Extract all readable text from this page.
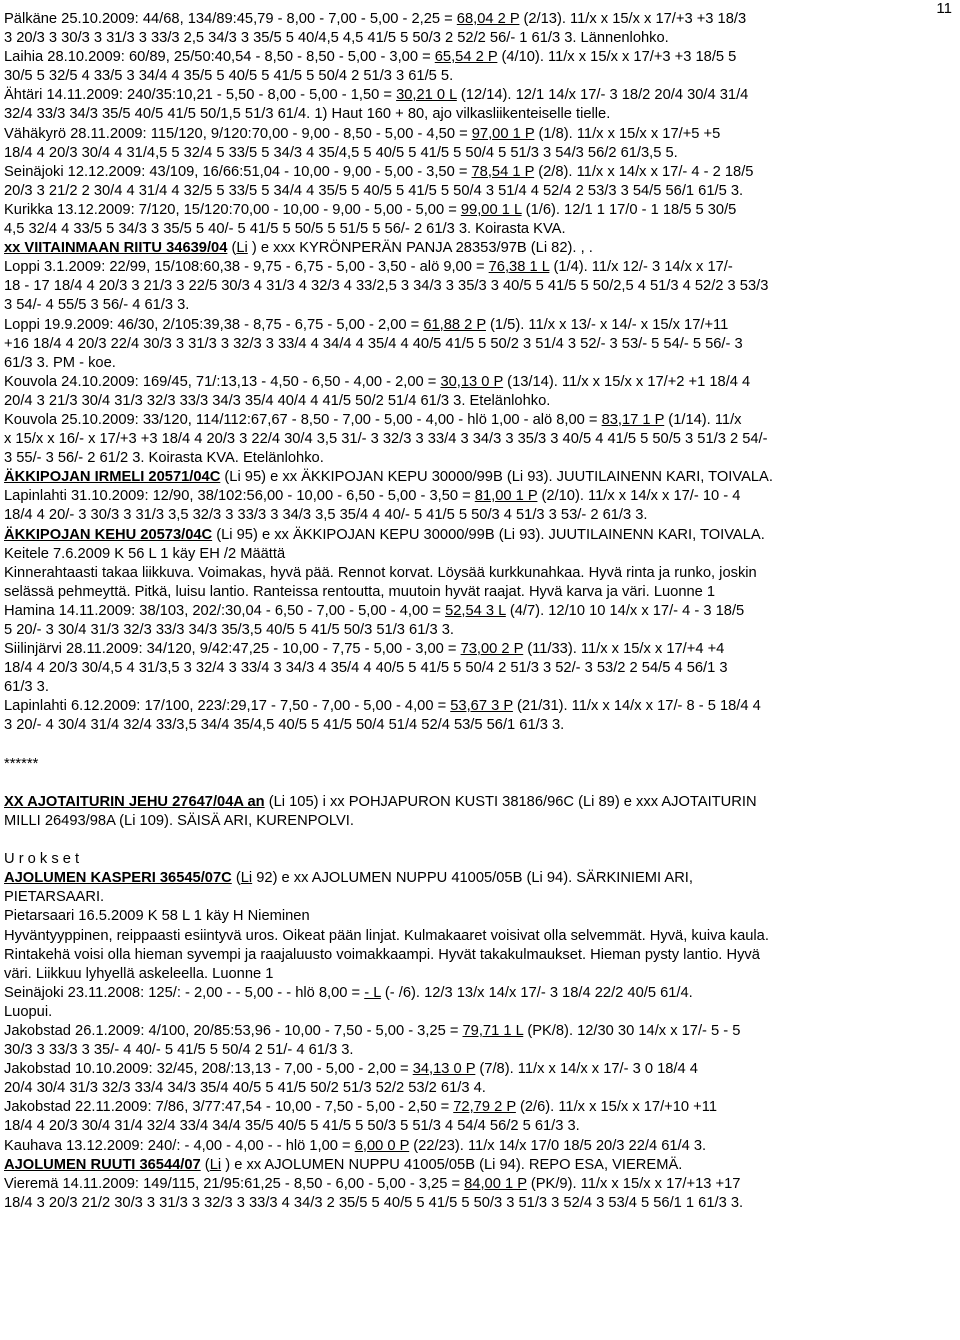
11
Pälkäne 25.10.2009: 44/68, 134/89:45,79 - 8,00 - 7,00 - 5,00 - 2,25 = 68,04 2 P (2/13). 11/x x 15/x x 17/+3 +3 18/3
3 20/3 3 30/3 3 31/3 3 33/3 2,5 34/3 3 35/5 5 40/4,5 4,5 41/5 5 50/3 2 52/2 56/- 1 61/3 3. Lännenlohko.
Laihia 28.10.2009: 60/89, 25/50:40,54 - 8,50 - 8,50 - 5,00 - 3,00 = 65,54 2 P (4/10). 11/x x 15/x x 17/+3 +3 18/5 5
30/5 5 32/5 4 33/5 3 34/4 4 35/5 5 40/5 5 41/5 5 50/4 2 51/3 3 61/5 5.
Ähtäri 14.11.2009: 240/35:10,21 - 5,50 - 8,00 - 5,00 - 1,50 = 30,21 0 L (12/14). 12/1 14/x 17/- 3 18/2 20/4 30/4 31/4
32/4 33/3 34/3 35/5 40/5 41/5 50/1,5 51/3 61/4. 1) Haut 160 + 80, ajo vilkasliikenteiselle tielle.
Vähäkyrö 28.11.2009: 115/120, 9/120:70,00 - 9,00 - 8,50 - 5,00 - 4,50 = 97,00 1 P (1/8). 11/x x 15/x x 17/+5 +5
18/4 4 20/3 30/4 4 31/4,5 5 32/4 5 33/5 5 34/3 4 35/4,5 5 40/5 5 41/5 5 50/4 5 51/3 3 54/3 56/2 61/3,5 5.
Seinäjoki 12.12.2009: 43/109, 16/66:51,04 - 10,00 - 9,00 - 5,00 - 3,50 = 78,54 1 P (2/8). 11/x x 14/x x 17/- 4 - 2 18/5
20/3 3 21/2 2 30/4 4 31/4 4 32/5 5 33/5 5 34/4 4 35/5 5 40/5 5 41/5 5 50/4 3 51/4 4 52/4 2 53/3 3 54/5 56/1 61/5 3.
Kurikka 13.12.2009: 7/120, 15/120:70,00 - 10,00 - 9,00 - 5,00 - 5,00 = 99,00 1 L (1/6). 12/1 1 17/0 - 1 18/5 5 30/5
4,5 32/4 4 33/5 5 34/3 3 35/5 5 40/- 5 41/5 5 50/5 5 51/5 5 56/- 2 61/3 3. Koirasta KVA.
xx VIITAINMAAN RIITU 34639/04 (Li ) e xxx KYRÖNPERÄN PANJA 28353/97B (Li 82). , .
Loppi 3.1.2009: 22/99, 15/108:60,38 - 9,75 - 6,75 - 5,00 - 3,50 - alö 9,00 = 76,38 1 L (1/4). 11/x 12/- 3 14/x x 17/-
18 - 17 18/4 4 20/3 3 21/3 3 22/5 30/3 4 31/3 4 32/3 4 33/2,5 3 34/3 3 35/3 3 40/5 5 41/5 5 50/2,5 4 51/3 4 52/2 3 53/3
3 54/- 4 55/5 3 56/- 4 61/3 3.
Loppi 19.9.2009: 46/30, 2/105:39,38 - 8,75 - 6,75 - 5,00 - 2,00 = 61,88 2 P (1/5). 11/x x 13/- x 14/- x 15/x 17/+11
+16 18/4 4 20/3 22/4 30/3 3 31/3 3 32/3 3 33/4 4 34/4 4 35/4 4 40/5 41/5 5 50/2 3 51/4 3 52/- 3 53/- 5 54/- 5 56/- 3
61/3 3. PM - koe.
Kouvola 24.10.2009: 169/45, 71/:13,13 - 4,50 - 6,50 - 4,00 - 2,00 = 30,13 0 P (13/14). 11/x x 15/x x 17/+2 +1 18/4 4
20/4 3 21/3 30/4 31/3 32/3 33/3 34/3 35/4 40/4 4 41/5 50/2 51/4 61/3 3. Etelänlohko.
Kouvola 25.10.2009: 33/120, 114/112:67,67 - 8,50 - 7,00 - 5,00 - 4,00 - hlö 1,00 - alö 8,00 = 83,17 1 P (1/14). 11/x
x 15/x x 16/- x 17/+3 +3 18/4 4 20/3 3 22/4 30/4 3,5 31/- 3 32/3 3 33/4 3 34/3 3 35/3 3 40/5 4 41/5 5 50/5 3 51/3 2 54/-
3 55/- 3 56/- 2 61/2 3. Koirasta KVA. Etelänlohko.
ÄKKIPOJAN IRMELI 20571/04C (Li 95) e xx ÄKKIPOJAN KEPU 30000/99B (Li 93). JUUTILAINENN KARI, TOIVALA.
Lapinlahti 31.10.2009: 12/90, 38/102:56,00 - 10,00 - 6,50 - 5,00 - 3,50 = 81,00 1 P (2/10). 11/x x 14/x x 17/- 10 - 4
18/4 4 20/- 3 30/3 3 31/3 3,5 32/3 3 33/3 3 34/3 3,5 35/4 4 40/- 5 41/5 5 50/3 4 51/3 3 53/- 2 61/3 3.
ÄKKIPOJAN KEHU 20573/04C (Li 95) e xx ÄKKIPOJAN KEPU 30000/99B (Li 93). JUUTILAINENN KARI, TOIVALA.
Keitele 7.6.2009 K 56 L 1 käy EH /2 Määttä
Kinnerahtaasti takaa liikkuva. Voimakas, hyvä pää. Rennot korvat. Löysää kurkkunahkaa. Hyvä rinta ja runko, joskin
selässä pehmeyttä. Pitkä, luisu lantio. Ranteissa rentoutta, muutoin hyvät raajat. Hyvä karva ja väri. Luonne 1
Hamina 14.11.2009: 38/103, 202/:30,04 - 6,50 - 7,00 - 5,00 - 4,00 = 52,54 3 L (4/7). 12/10 10 14/x x 17/- 4 - 3 18/5
5 20/- 3 30/4 31/3 32/3 33/3 34/3 35/3,5 40/5 5 41/5 50/3 51/3 61/3 3.
Siilinjärvi 28.11.2009: 34/120, 9/42:47,25 - 10,00 - 7,75 - 5,00 - 3,00 = 73,00 2 P (11/33). 11/x x 15/x x 17/+4 +4
18/4 4 20/3 30/4,5 4 31/3,5 3 32/4 3 33/4 3 34/3 4 35/4 4 40/5 5 41/5 5 50/4 2 51/3 3 52/- 3 53/2 2 54/5 4 56/1 3
61/3 3.
Lapinlahti 6.12.2009: 17/100, 223/:29,17 - 7,50 - 7,00 - 5,00 - 4,00 = 53,67 3 P (21/31). 11/x x 14/x x 17/- 8 - 5 18/4 4
3 20/- 4 30/4 31/4 32/4 33/3,5 34/4 35/4,5 40/5 5 41/5 50/4 51/4 52/4 53/5 56/1 61/3 3.
******
XX AJOTAITURIN JEHU 27647/04A an (Li 105) i xx POHJAPURON KUSTI 38186/96C (Li 89) e xxx AJOTAITURIN
MILLI 26493/98A (Li 109). SÄISÄ ARI, KURENPOLVI.
U r o k s e t
AJOLUMEN KASPERI 36545/07C (Li 92) e xx AJOLUMEN NUPPU 41005/05B (Li 94). SÄRKINIEMI ARI,
PIETARSAARI.
Pietarsaari 16.5.2009 K 58 L 1 käy H Nieminen
Hyväntyyppinen, reippaasti esiintyvä uros. Oikeat pään linjat. Kulmakaaret voisivat olla selvemmät. Hyvä, kuiva kaula.
Rintakehä voisi olla hieman syvempi ja raajaluusto voimakkaampi. Hyvät takakulmaukset. Hieman pysty lantio. Hyvä
väri. Liikkuu lyhyellä askeleella. Luonne 1
Seinäjoki 23.11.2008: 125/: - 2,00 - - 5,00 - - hlö 8,00 = - L (- /6). 12/3 13/x 14/x 17/- 3 18/4 22/2 40/5 61/4.
Luopui.
Jakobstad 26.1.2009: 4/100, 20/85:53,96 - 10,00 - 7,50 - 5,00 - 3,25 = 79,71 1 L (PK/8). 12/30 30 14/x x 17/- 5 - 5
30/3 3 33/3 3 35/- 4 40/- 5 41/5 5 50/4 2 51/- 4 61/3 3.
Jakobstad 10.10.2009: 32/45, 208/:13,13 - 7,00 - 5,00 - 2,00 = 34,13 0 P (7/8). 11/x x 14/x x 17/- 3 0 18/4 4
20/4 30/4 31/3 32/3 33/4 34/3 35/4 40/5 5 41/5 50/2 51/3 52/2 53/2 61/3 4.
Jakobstad 22.11.2009: 7/86, 3/77:47,54 - 10,00 - 7,50 - 5,00 - 2,50 = 72,79 2 P (2/6). 11/x x 15/x x 17/+10 +11
18/4 4 20/3 30/4 31/4 32/4 33/4 34/4 35/5 40/5 5 41/5 5 50/3 5 51/3 4 54/4 56/2 5 61/3 3.
Kauhava 13.12.2009: 240/: - 4,00 - 4,00 - - hlö 1,00 = 6,00 0 P (22/23). 11/x 14/x 17/0 18/5 20/3 22/4 61/4 3.
AJOLUMEN RUUTI 36544/07 (Li ) e xx AJOLUMEN NUPPU 41005/05B (Li 94). REPO ESA, VIEREMÄ.
Vieremä 14.11.2009: 149/115, 21/95:61,25 - 8,50 - 6,00 - 5,00 - 3,25 = 84,00 1 P (PK/9). 11/x x 15/x x 17/+13 +17
18/4 3 20/3 21/2 30/3 3 31/3 3 32/3 3 33/3 4 34/3 2 35/5 5 40/5 5 41/5 5 50/3 3 51/3 3 52/4 3 53/4 5 56/1 1 61/3 3.
